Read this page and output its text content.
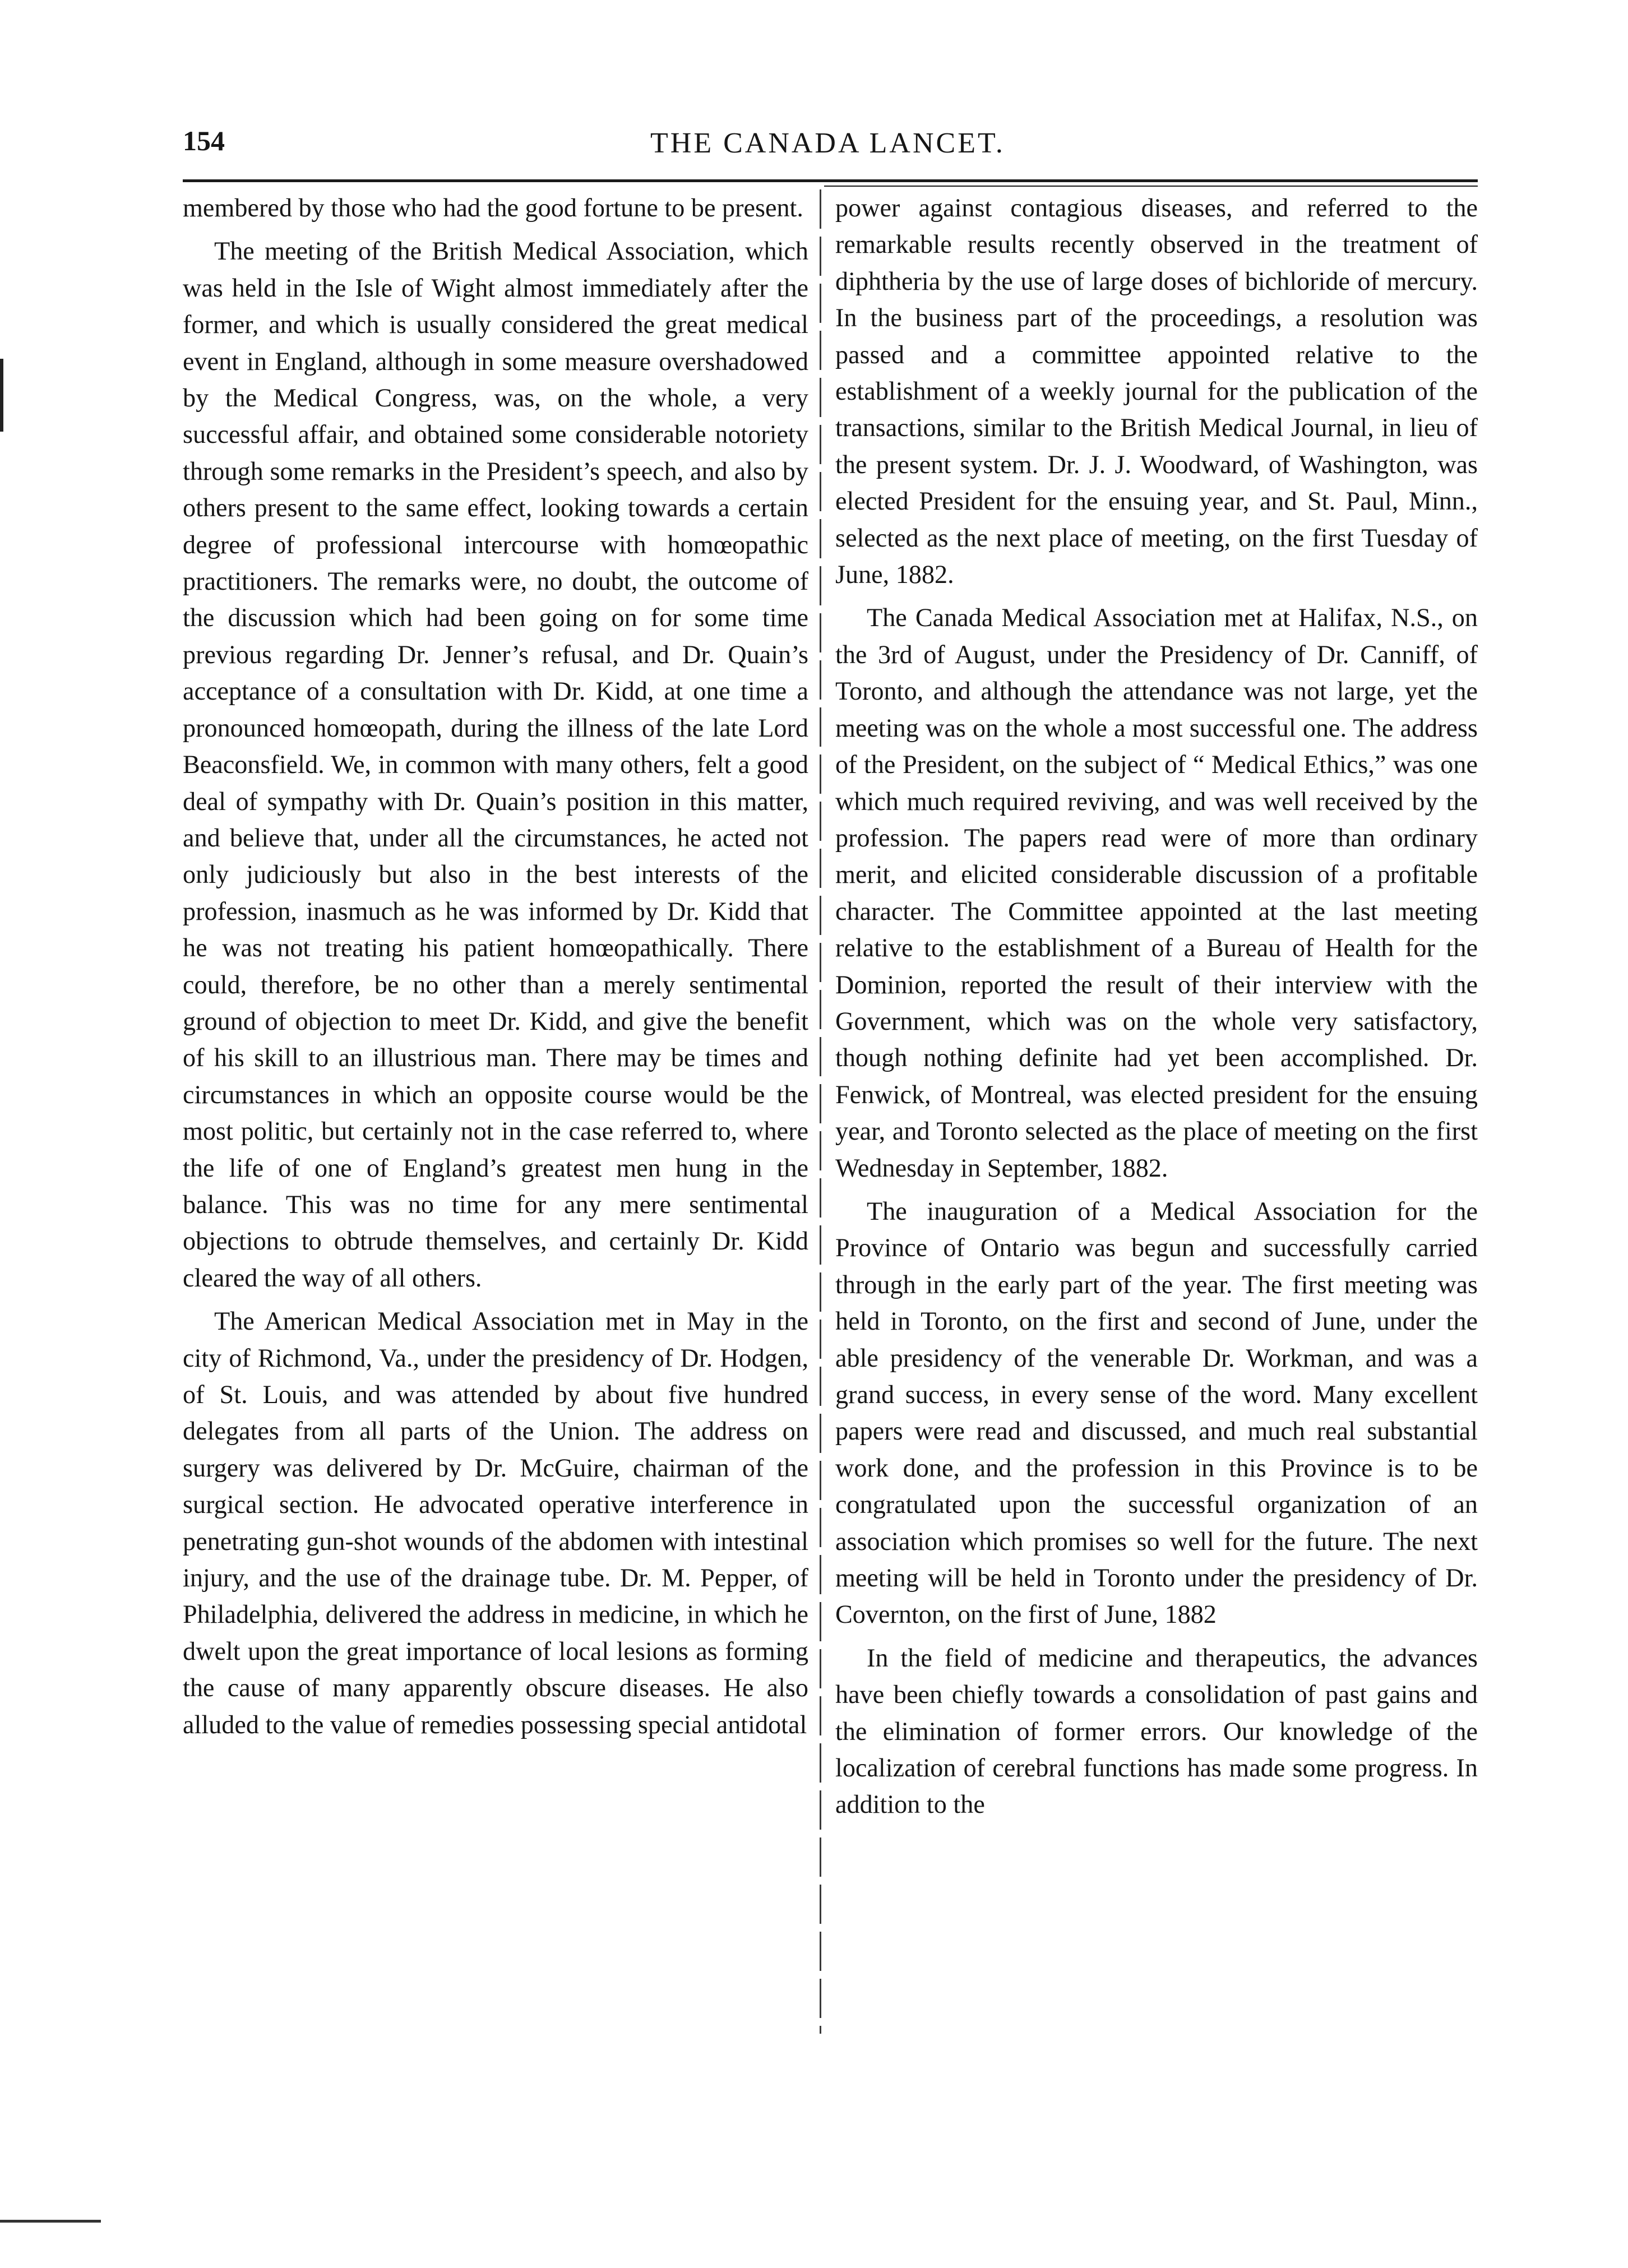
154	THE CANADA LANCET.

membered by those who had the good fortune to be present.

The meeting of the British Medical Association, which was held in the Isle of Wight almost immediately after the former, and which is usually considered the great medical event in England, although in some measure overshadowed by the Medical Congress, was, on the whole, a very successful affair, and obtained some considerable notoriety through some remarks in the President’s speech, and also by others present to the same effect, looking towards a certain degree of professional intercourse with homœopathic practitioners. The remarks were, no doubt, the outcome of the discussion which had been going on for some time previous regarding Dr. Jenner’s refusal, and Dr. Quain’s acceptance of a consultation with Dr. Kidd, at one time a pronounced homœopath, during the illness of the late Lord Beaconsfield. We, in common with many others, felt a good deal of sympathy with Dr. Quain’s position in this matter, and believe that, under all the circumstances, he acted not only judiciously but also in the best interests of the profession, inasmuch as he was informed by Dr. Kidd that he was not treating his patient homœopathically. There could, therefore, be no other than a merely sentimental ground of objection to meet Dr. Kidd, and give the benefit of his skill to an illustrious man. There may be times and circumstances in which an opposite course would be the most politic, but certainly not in the case referred to, where the life of one of England’s greatest men hung in the balance. This was no time for any mere sentimental objections to obtrude themselves, and certainly Dr. Kidd cleared the way of all others.

The American Medical Association met in May in the city of Richmond, Va., under the presidency of Dr. Hodgen, of St. Louis, and was attended by about five hundred delegates from all parts of the Union. The address on surgery was delivered by Dr. McGuire, chairman of the surgical section. He advocated operative interference in penetrating gun-shot wounds of the abdomen with intestinal injury, and the use of the drainage tube. Dr. M. Pepper, of Philadelphia, delivered the address in medicine, in which he dwelt upon the great importance of local lesions as forming the cause of many apparently obscure diseases. He also alluded to the value of remedies possessing special antidotal

power against contagious diseases, and referred to the remarkable results recently observed in the treatment of diphtheria by the use of large doses of bichloride of mercury. In the business part of the proceedings, a resolution was passed and a committee appointed relative to the establishment of a weekly journal for the publication of the transactions, similar to the British Medical Journal, in lieu of the present system. Dr. J. J. Woodward, of Washington, was elected President for the ensuing year, and St. Paul, Minn., selected as the next place of meeting, on the first Tuesday of June, 1882.

The Canada Medical Association met at Halifax, N.S., on the 3rd of August, under the Presidency of Dr. Canniff, of Toronto, and although the attendance was not large, yet the meeting was on the whole a most successful one. The address of the President, on the subject of “ Medical Ethics,” was one which much required reviving, and was well received by the profession. The papers read were of more than ordinary merit, and elicited considerable discussion of a profitable character. The Committee appointed at the last meeting relative to the establishment of a Bureau of Health for the Dominion, reported the result of their interview with the Government, which was on the whole very satisfactory, though nothing definite had yet been accomplished. Dr. Fenwick, of Montreal, was elected president for the ensuing year, and Toronto selected as the place of meeting on the first Wednesday in September, 1882.

The inauguration of a Medical Association for the Province of Ontario was begun and successfully carried through in the early part of the year. The first meeting was held in Toronto, on the first and second of June, under the able presidency of the venerable Dr. Workman, and was a grand success, in every sense of the word. Many excellent papers were read and discussed, and much real substantial work done, and the profession in this Province is to be congratulated upon the successful organization of an association which promises so well for the future. The next meeting will be held in Toronto under the presidency of Dr. Covernton, on the first of June, 1882

In the field of medicine and therapeutics, the advances have been chiefly towards a consolidation of past gains and the elimination of former errors. Our knowledge of the localization of cerebral functions has made some progress. In addition to the
